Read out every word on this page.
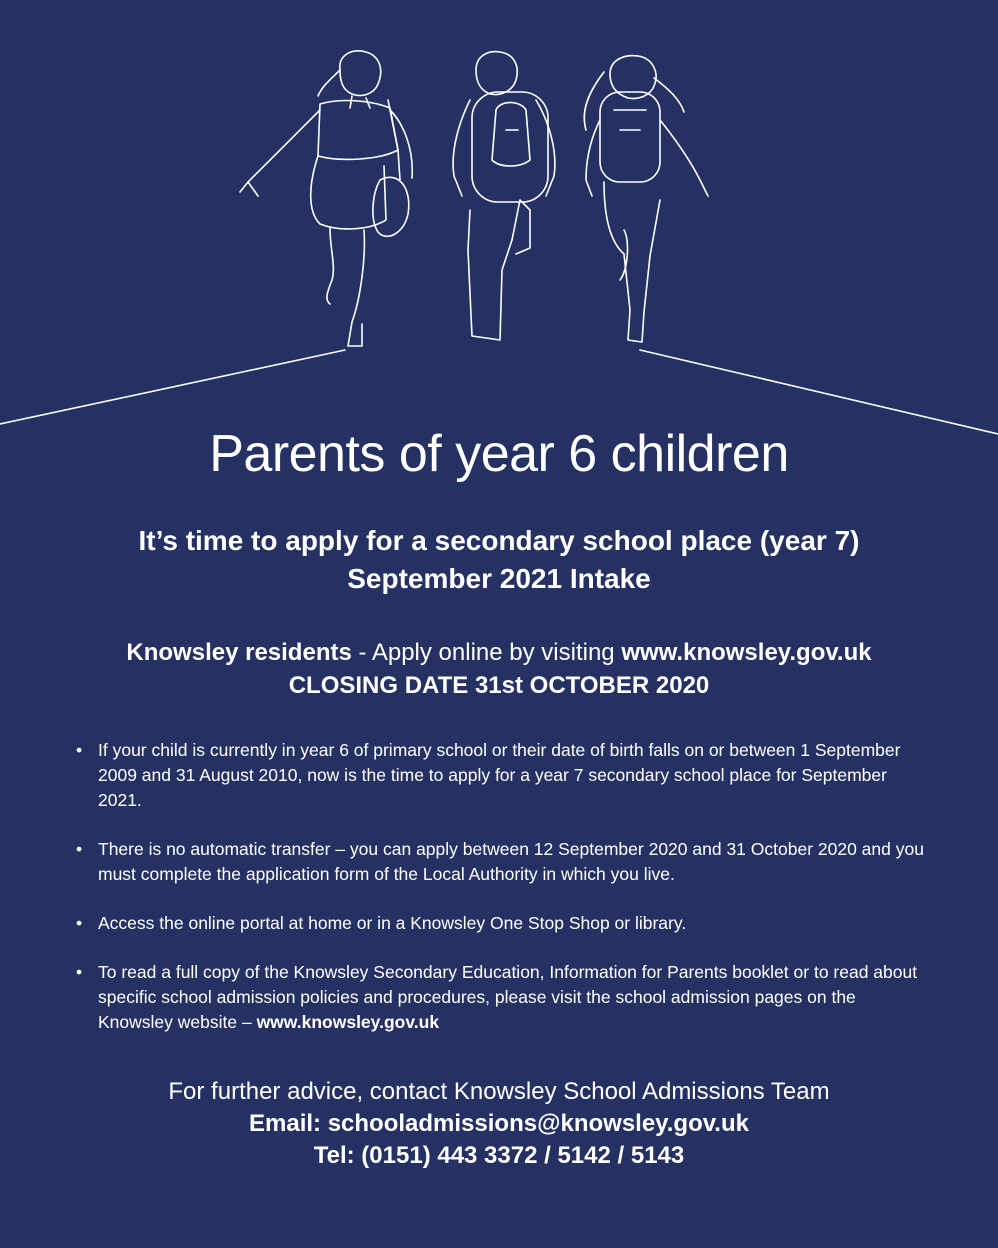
Parents of year 6 children
It’s time to apply for a secondary school place (year 7)
September 2021 Intake
Knowsley residents - Apply online by visiting www.knowsley.gov.uk
CLOSING DATE 31st OCTOBER 2020
• If your child is currently in year 6 of primary school or their date of birth falls on or between 1 September 2009 and 31 August 2010, now is the time to apply for a year 7 secondary school place for September 2021.
• There is no automatic transfer – you can apply between 12 September 2020 and 31 October 2020 and you must complete the application form of the Local Authority in which you live.
• Access the online portal at home or in a Knowsley One Stop Shop or library.
• To read a full copy of the Knowsley Secondary Education, Information for Parents booklet or to read about specific school admission policies and procedures, please visit the school admission pages on the Knowsley website – www.knowsley.gov.uk
For further advice, contact Knowsley School Admissions Team
Email: schooladmissions@knowsley.gov.uk
Tel: (0151) 443 3372 / 5142 / 5143
